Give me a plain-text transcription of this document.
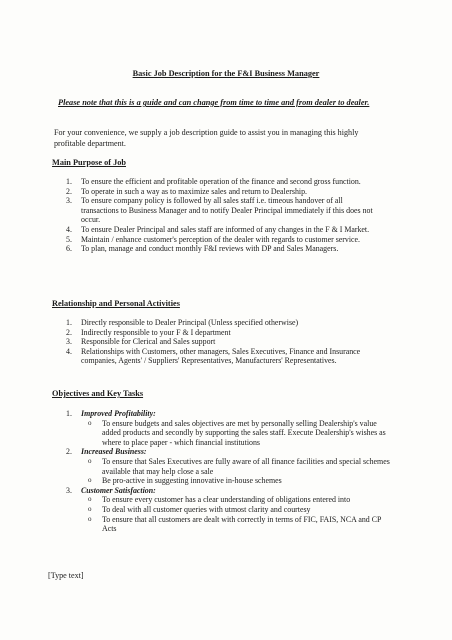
Basic Job Description for the F&I Business Manager
Please note that this is a guide and can change from time to time and from dealer to dealer.
For your convenience, we supply a job description guide to assist you in managing this highly profitable department.
Main Purpose of Job
1. To ensure the efficient and profitable operation of the finance and second gross function.
2. To operate in such a way as to maximize sales and return to Dealership.
3. To ensure company policy is followed by all sales staff i.e. timeous handover of all transactions to Business Manager and to notify Dealer Principal immediately if this does not occur.
4. To ensure Dealer Principal and sales staff are informed of any changes in the F & I Market.
5. Maintain / enhance customer's perception of the dealer with regards to customer service.
6. To plan, manage and conduct monthly F&I reviews with DP and Sales Managers.
Relationship and Personal Activities
1. Directly responsible to Dealer Principal (Unless specified otherwise)
2. Indirectly responsible to your F & I department
3. Responsible for Clerical and Sales support
4. Relationships with Customers, other managers, Sales Executives, Finance and Insurance companies, Agents' / Suppliers' Representatives, Manufacturers' Representatives.
Objectives and Key Tasks
1. Improved Profitability:
o To ensure budgets and sales objectives are met by personally selling Dealership's value added products and secondly by supporting the sales staff. Execute Dealership's wishes as where to place paper - which financial institutions
2. Increased Business:
o To ensure that Sales Executives are fully aware of all finance facilities and special schemes available that may help close a sale
o Be pro-active in suggesting innovative in-house schemes
3. Customer Satisfaction:
o To ensure every customer has a clear understanding of obligations entered into
o To deal with all customer queries with utmost clarity and courtesy
o To ensure that all customers are dealt with correctly in terms of FIC, FAIS, NCA and CP Acts
[Type text]
